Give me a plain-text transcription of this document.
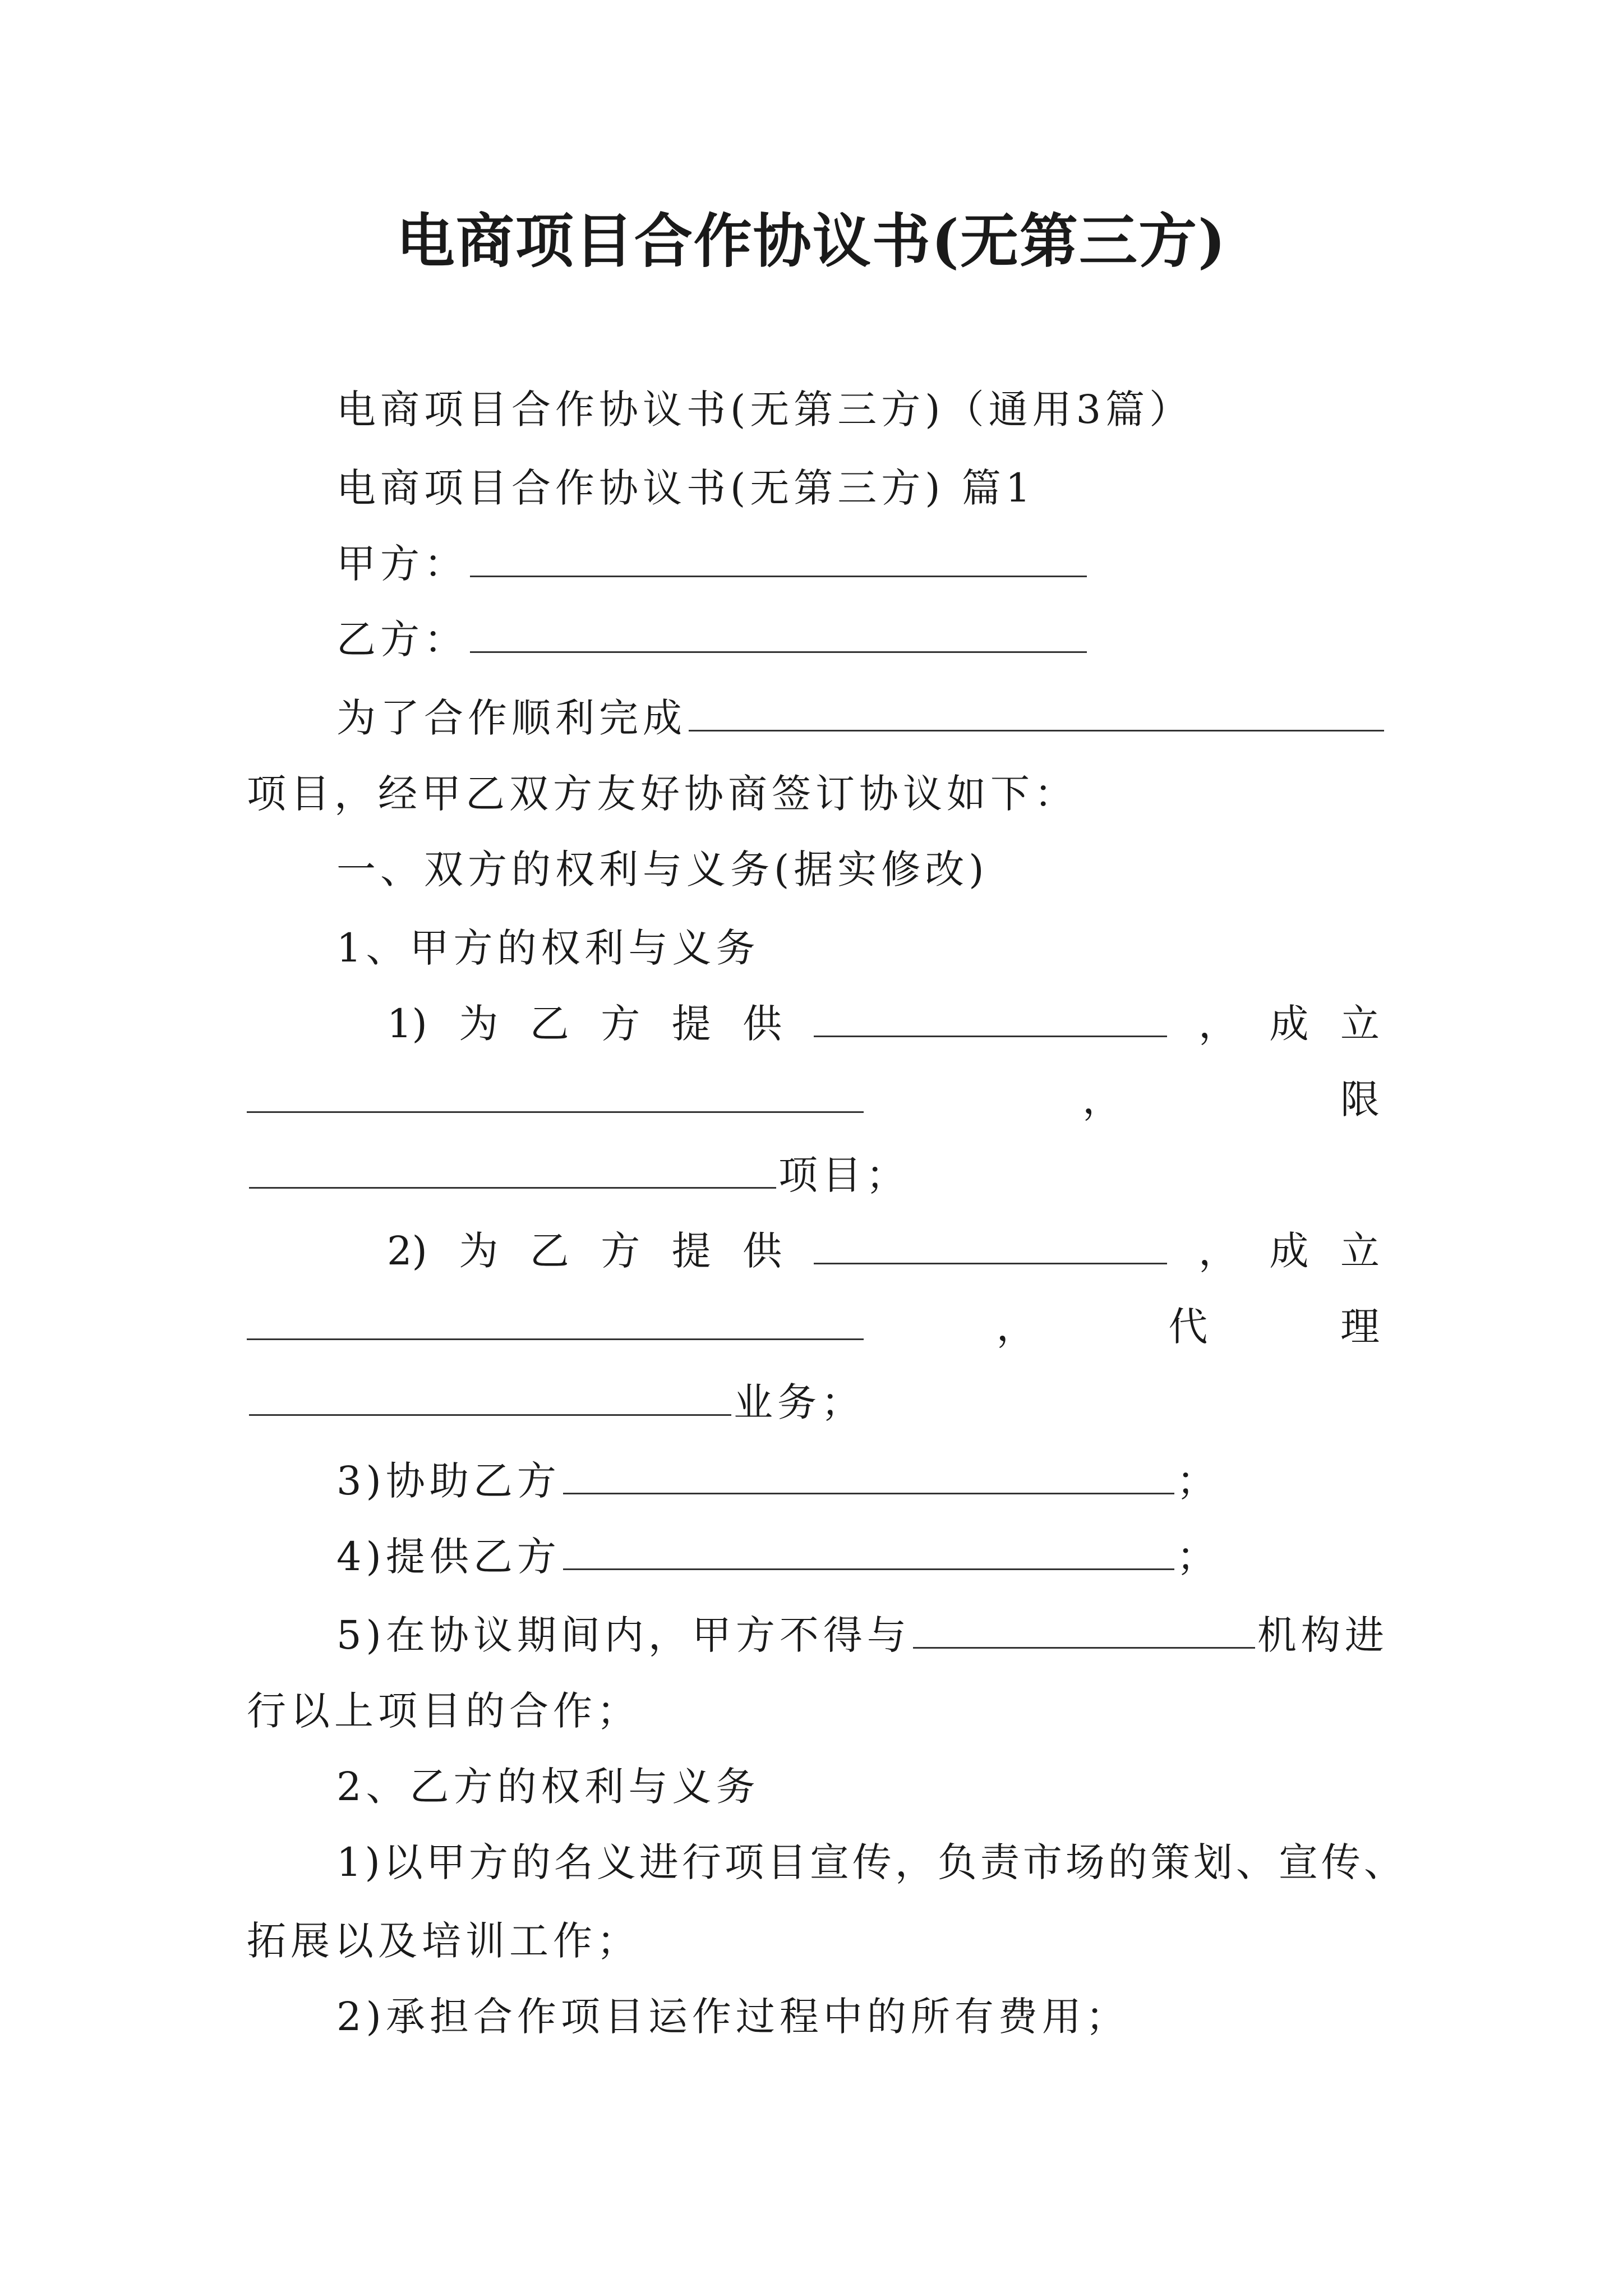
电商项目合作协议书(无第三方)
电商项目合作协议书(无第三方)（通用3篇）
电商项目合作协议书(无第三方) 篇1
甲方：
乙方：
为了合作顺利完成
项目，经甲乙双方友好协商签订协议如下：
一、双方的权利与义务(据实修改)
1、甲方的权利与义务
1) 为 乙 方 提 供	， 成 立
，	限
项目；
2) 为 乙 方 提 供	， 成 立
，	代	理
业务；
3)协助乙方	；
4)提供乙方	；
5)在协议期间内，甲方不得与	机构进
行以上项目的合作；
2、乙方的权利与义务
1)以甲方的名义进行项目宣传，负责市场的策划、宣传、
拓展以及培训工作；
2)承担合作项目运作过程中的所有费用；
